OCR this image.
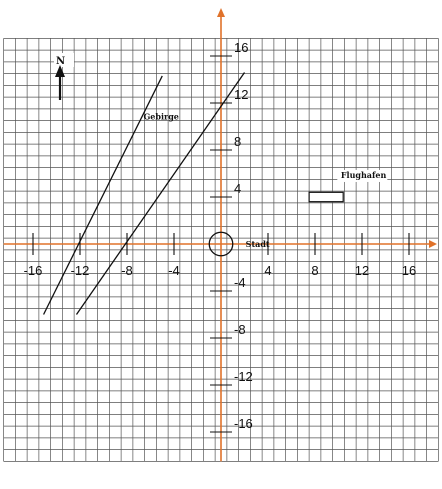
-16 -12 -8	-4	4	8	12	16
16
12
8
4
-4
-8
-12
-16
Gebirge
Stadt
Flughafen
N
